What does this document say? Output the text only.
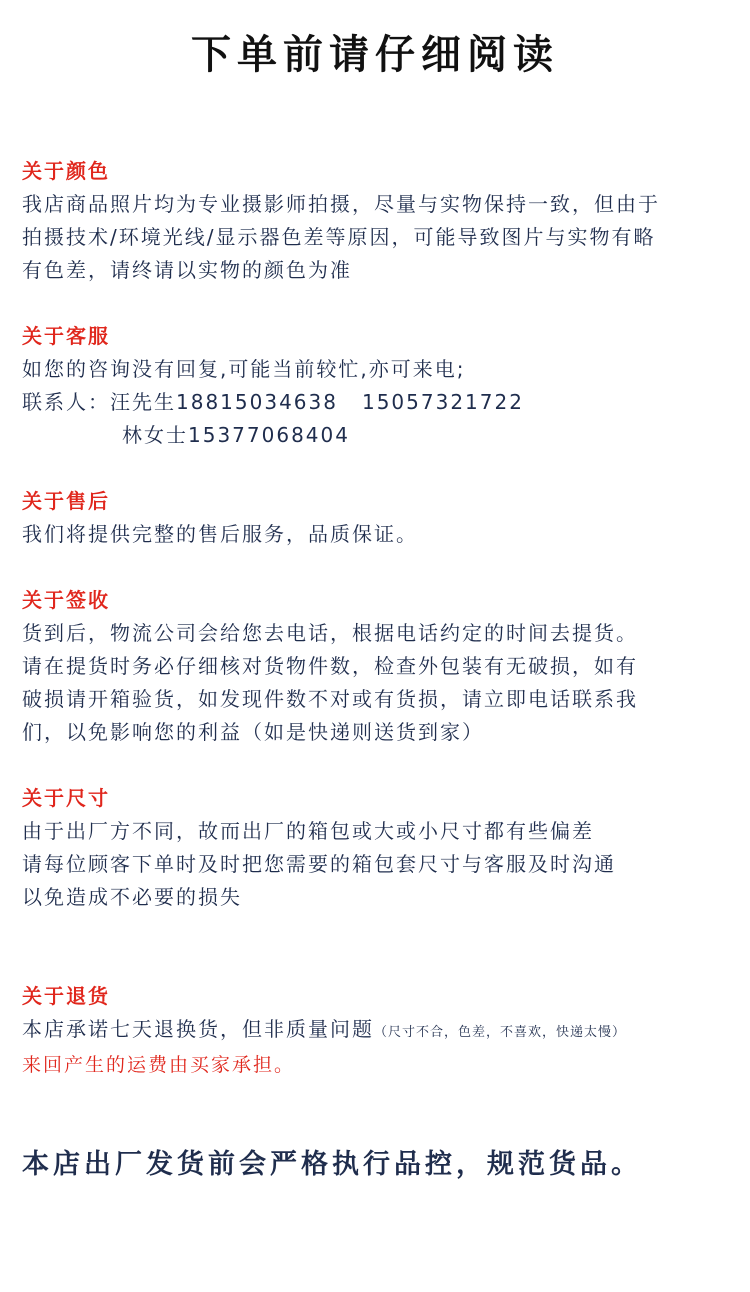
下单前请仔细阅读
关于颜色
我店商品照片均为专业摄影师拍摄，尽量与实物保持一致，但由于
拍摄技术/环境光线/显示器色差等原因，可能导致图片与实物有略
有色差，请终请以实物的颜色为准
关于客服
如您的咨询没有回复,可能当前较忙,亦可来电;
联系人：汪先生18815034638 15057321722
林女士15377068404
关于售后
我们将提供完整的售后服务，品质保证。
关于签收
货到后，物流公司会给您去电话，根据电话约定的时间去提货。
请在提货时务必仔细核对货物件数，检查外包装有无破损，如有
破损请开箱验货，如发现件数不对或有货损，请立即电话联系我
们，以免影响您的利益（如是快递则送货到家）
关于尺寸
由于出厂方不同，故而出厂的箱包或大或小尺寸都有些偏差
请每位顾客下单时及时把您需要的箱包套尺寸与客服及时沟通
以免造成不必要的损失
关于退货
本店承诺七天退换货，但非质量问题（尺寸不合，色差，不喜欢，快递太慢）
来回产生的运费由买家承担。
本店出厂发货前会严格执行品控，规范货品。
